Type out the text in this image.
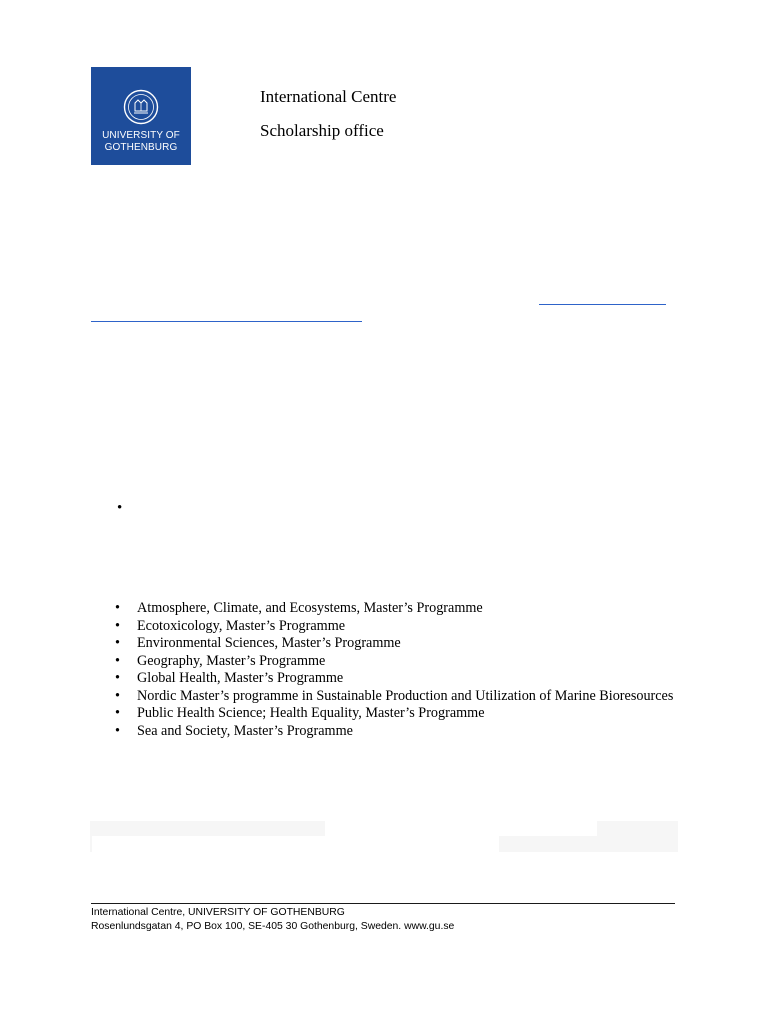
UNIVERSITY OF
GOTHENBURG
International Centre
Scholarship office
•
• Atmosphere, Climate, and Ecosystems, Master’s Programme
• Ecotoxicology, Master’s Programme
• Environmental Sciences, Master’s Programme
• Geography, Master’s Programme
• Global Health, Master’s Programme
• Nordic Master’s programme in Sustainable Production and Utilization of Marine Bioresources
• Public Health Science; Health Equality, Master’s Programme
• Sea and Society, Master’s Programme
International Centre, UNIVERSITY OF GOTHENBURG
Rosenlundsgatan 4, PO Box 100, SE-405 30 Gothenburg, Sweden. www.gu.se
